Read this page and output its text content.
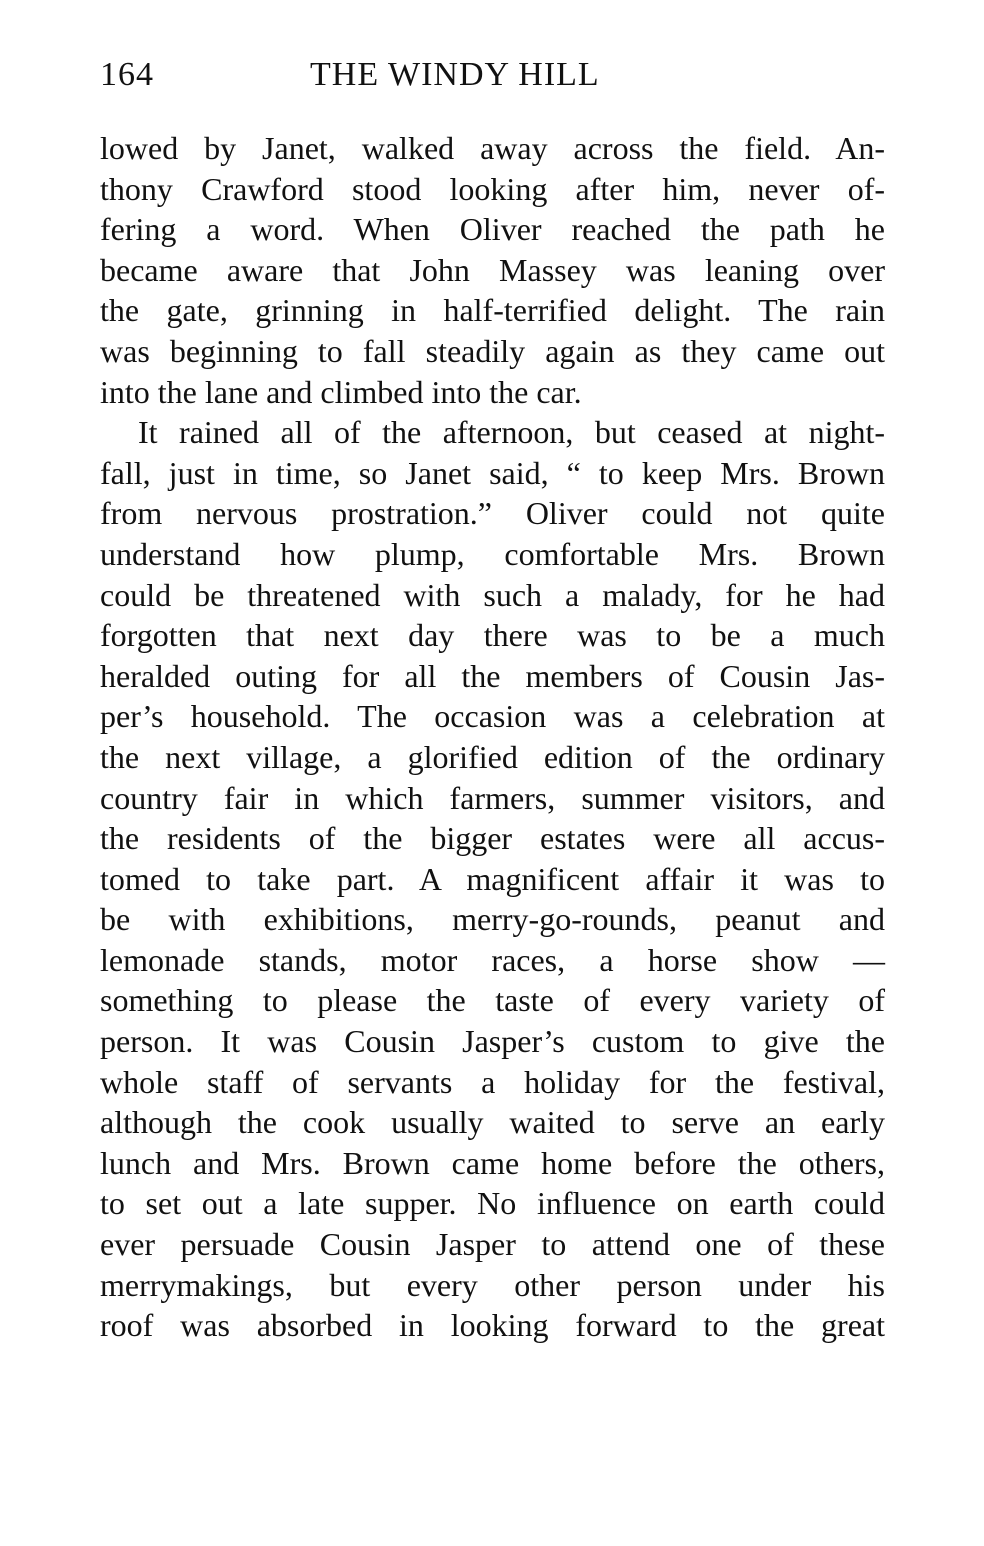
164	THE WINDY HILL
lowed by Janet, walked away across the field. An-
thony Crawford stood looking after him, never of-
fering a word. When Oliver reached the path he
became aware that John Massey was leaning over
the gate, grinning in half-terrified delight. The rain
was beginning to fall steadily again as they came out
into the lane and climbed into the car.
It rained all of the afternoon, but ceased at night-
fall, just in time, so Janet said, “ to keep Mrs. Brown
from nervous prostration.” Oliver could not quite
understand how plump, comfortable Mrs. Brown
could be threatened with such a malady, for he had
forgotten that next day there was to be a much
heralded outing for all the members of Cousin Jas-
per’s household. The occasion was a celebration at
the next village, a glorified edition of the ordinary
country fair in which farmers, summer visitors, and
the residents of the bigger estates were all accus-
tomed to take part. A magnificent affair it was to
be with exhibitions, merry-go-rounds, peanut and
lemonade stands, motor races, a horse show —
something to please the taste of every variety of
person. It was Cousin Jasper’s custom to give the
whole staff of servants a holiday for the festival,
although the cook usually waited to serve an early
lunch and Mrs. Brown came home before the others,
to set out a late supper. No influence on earth could
ever persuade Cousin Jasper to attend one of these
merrymakings, but every other person under his
roof was absorbed in looking forward to the great
